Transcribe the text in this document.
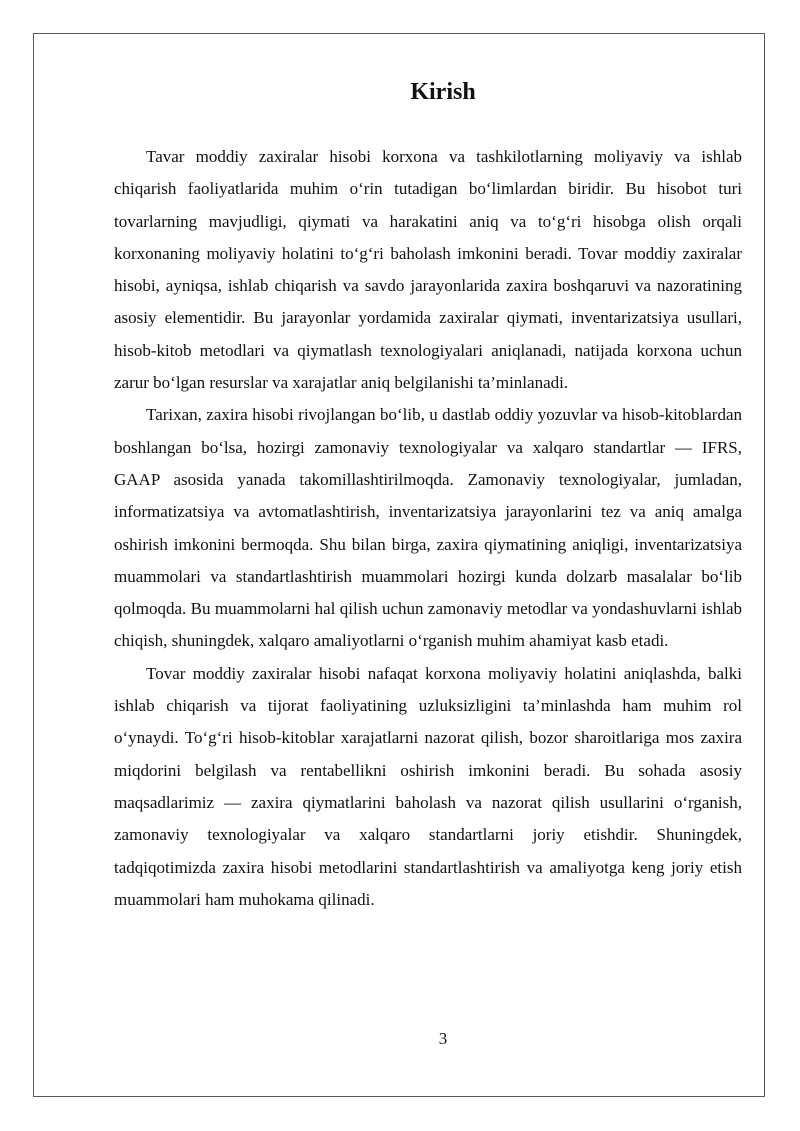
Kirish

Tavar moddiy zaxiralar hisobi korxona va tashkilotlarning moliyaviy va ishlab chiqarish faoliyatlarida muhim o‘rin tutadigan bo‘limlardan biridir. Bu hisobot turi tovarlarning mavjudligi, qiymati va harakatini aniq va to‘g‘ri hisobga olish orqali korxonaning moliyaviy holatini to‘g‘ri baholash imkonini beradi. Tovar moddiy zaxiralar hisobi, ayniqsa, ishlab chiqarish va savdo jarayonlarida zaxira boshqaruvi va nazoratining asosiy elementidir. Bu jarayonlar yordamida zaxiralar qiymati, inventarizatsiya usullari, hisob-kitob metodlari va qiymatlash texnologiyalari aniqlanadi, natijada korxona uchun zarur bo‘lgan resurslar va xarajatlar aniq belgilanishi ta’minlanadi.

Tarixan, zaxira hisobi rivojlangan bo‘lib, u dastlab oddiy yozuvlar va hisob-kitoblardan boshlangan bo‘lsa, hozirgi zamonaviy texnologiyalar va xalqaro standartlar — IFRS, GAAP asosida yanada takomillashtirilmoqda. Zamonaviy texnologiyalar, jumladan, informatizatsiya va avtomatlashtirish, inventarizatsiya jarayonlarini tez va aniq amalga oshirish imkonini bermoqda. Shu bilan birga, zaxira qiymatining aniqligi, inventarizatsiya muammolari va standartlashtirish muammolari hozirgi kunda dolzarb masalalar bo‘lib qolmoqda. Bu muammolarni hal qilish uchun zamonaviy metodlar va yondashuvlarni ishlab chiqish, shuningdek, xalqaro amaliyotlarni o‘rganish muhim ahamiyat kasb etadi.

Tovar moddiy zaxiralar hisobi nafaqat korxona moliyaviy holatini aniqlashda, balki ishlab chiqarish va tijorat faoliyatining uzluksizligini ta’minlashda ham muhim rol o‘ynaydi. To‘g‘ri hisob-kitoblar xarajatlarni nazorat qilish, bozor sharoitlariga mos zaxira miqdorini belgilash va rentabellikni oshirish imkonini beradi. Bu sohada asosiy maqsadlarimiz — zaxira qiymatlarini baholash va nazorat qilish usullarini o‘rganish, zamonaviy texnologiyalar va xalqaro standartlarni joriy etishdir. Shuningdek, tadqiqotimizda zaxira hisobi metodlarini standartlashtirish va amaliyotga keng joriy etish muammolari ham muhokama qilinadi.

3
